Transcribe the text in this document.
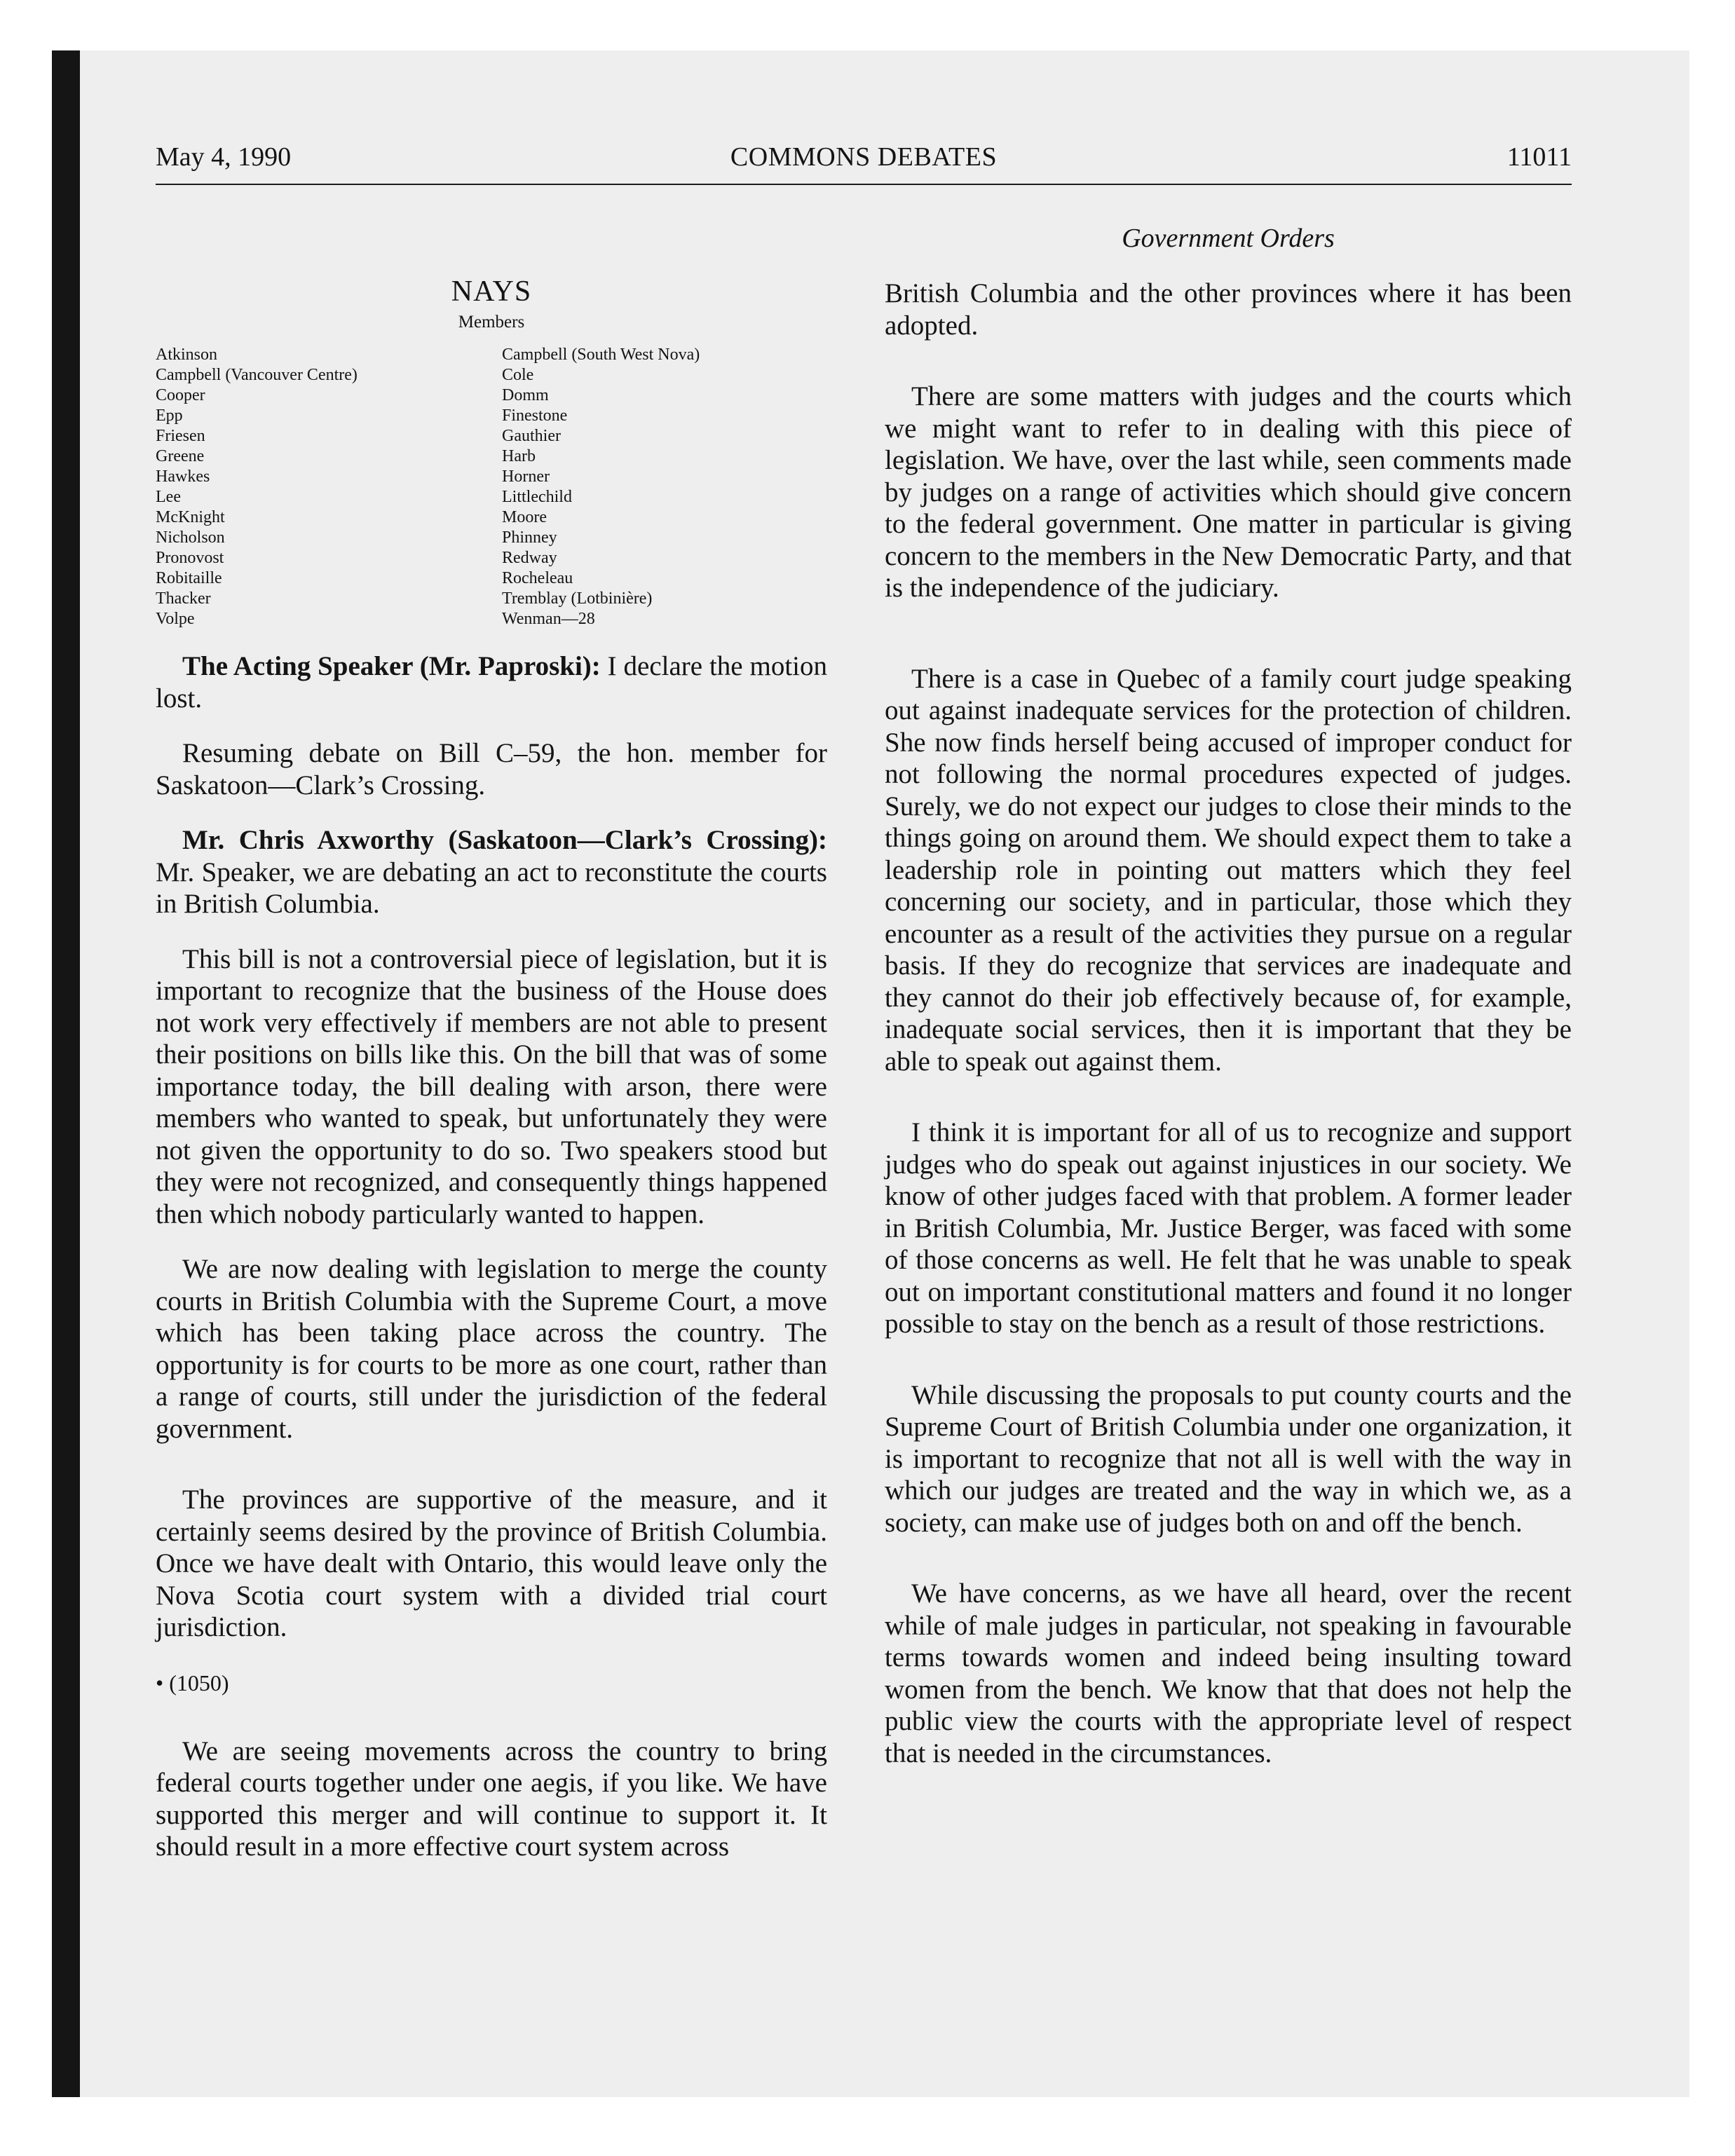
May 4, 1990	COMMONS DEBATES	11011
Government Orders
NAYS
Members
Atkinson
Campbell (Vancouver Centre)
Cooper
Epp
Friesen
Greene
Hawkes
Lee
McKnight
Nicholson
Pronovost
Robitaille
Thacker
Volpe
Campbell (South West Nova)
Cole
Domm
Finestone
Gauthier
Harb
Horner
Littlechild
Moore
Phinney
Redway
Rocheleau
Tremblay (Lotbinière)
Wenman—28

The Acting Speaker (Mr. Paproski): I declare the motion lost.

Resuming debate on Bill C–59, the hon. member for Saskatoon—Clark’s Crossing.

Mr. Chris Axworthy (Saskatoon—Clark’s Crossing): Mr. Speaker, we are debating an act to reconstitute the courts in British Columbia.

This bill is not a controversial piece of legislation, but it is important to recognize that the business of the House does not work very effectively if members are not able to present their positions on bills like this. On the bill that was of some importance today, the bill dealing with arson, there were members who wanted to speak, but unfortunately they were not given the opportunity to do so. Two speakers stood but they were not recognized, and consequently things happened then which nobody particularly wanted to happen.

We are now dealing with legislation to merge the county courts in British Columbia with the Supreme Court, a move which has been taking place across the country. The opportunity is for courts to be more as one court, rather than a range of courts, still under the jurisdiction of the federal government.

The provinces are supportive of the measure, and it certainly seems desired by the province of British Columbia. Once we have dealt with Ontario, this would leave only the Nova Scotia court system with a divided trial court jurisdiction.

• (1050)

We are seeing movements across the country to bring federal courts together under one aegis, if you like. We have supported this merger and will continue to support it. It should result in a more effective court system across

British Columbia and the other provinces where it has been adopted.

There are some matters with judges and the courts which we might want to refer to in dealing with this piece of legislation. We have, over the last while, seen comments made by judges on a range of activities which should give concern to the federal government. One matter in particular is giving concern to the members in the New Democratic Party, and that is the independence of the judiciary.

There is a case in Quebec of a family court judge speaking out against inadequate services for the protection of children. She now finds herself being accused of improper conduct for not following the normal procedures expected of judges. Surely, we do not expect our judges to close their minds to the things going on around them. We should expect them to take a leadership role in pointing out matters which they feel concerning our society, and in particular, those which they encounter as a result of the activities they pursue on a regular basis. If they do recognize that services are inadequate and they cannot do their job effectively because of, for example, inadequate social services, then it is important that they be able to speak out against them.

I think it is important for all of us to recognize and support judges who do speak out against injustices in our society. We know of other judges faced with that problem. A former leader in British Columbia, Mr. Justice Berger, was faced with some of those concerns as well. He felt that he was unable to speak out on important constitutional matters and found it no longer possible to stay on the bench as a result of those restrictions.

While discussing the proposals to put county courts and the Supreme Court of British Columbia under one organization, it is important to recognize that not all is well with the way in which our judges are treated and the way in which we, as a society, can make use of judges both on and off the bench.

We have concerns, as we have all heard, over the recent while of male judges in particular, not speaking in favourable terms towards women and indeed being insulting toward women from the bench. We know that that does not help the public view the courts with the appropriate level of respect that is needed in the circumstances.
